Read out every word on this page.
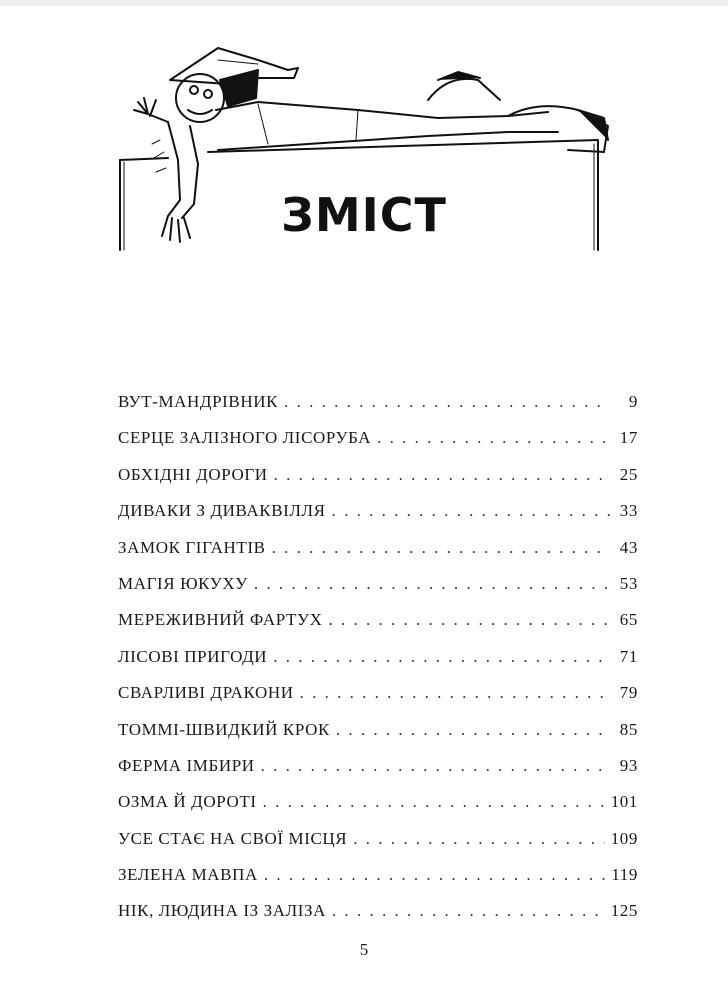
ЗМІСТ
ВУТ-МАНДРІВНИК . . .	9
СЕРЦЕ ЗАЛІЗНОГО ЛІСОРУБА . . .	17
ОБХІДНІ ДОРОГИ . . .	25
ДИВАКИ З ДИВАКВІЛЛЯ . . .	33
ЗАМОК ГІГАНТІВ . . .	43
МАГІЯ ЮКУХУ . . .	53
МЕРЕЖИВНИЙ ФАРТУХ . . .	65
ЛІСОВІ ПРИГОДИ . . .	71
СВАРЛИВІ ДРАКОНИ . . .	79
ТОММІ-ШВИДКИЙ КРОК . . .	85
ФЕРМА ІМБИРИ . . .	93
ОЗМА Й ДОРОТІ . . .	101
УСЕ СТАЄ НА СВОЇ МІСЦЯ . . .	109
ЗЕЛЕНА МАВПА . . .	119
НІК, ЛЮДИНА ІЗ ЗАЛІЗА . . .	125
5
